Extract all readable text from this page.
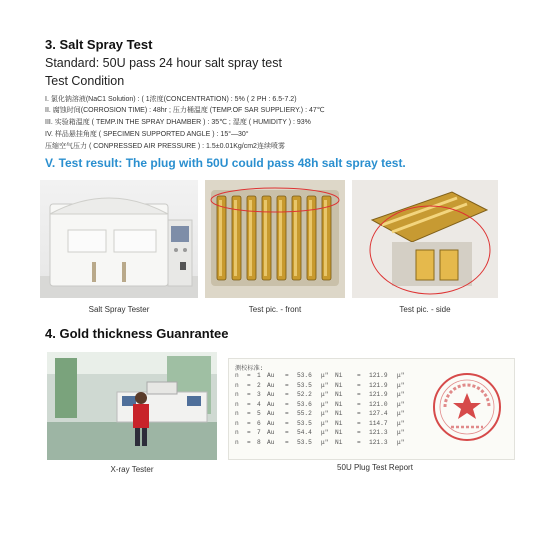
3. Salt Spray Test
Standard: 50U pass 24 hour salt spray test
Test Condition
I. 氯化钠溶液(NaC1 Solution) : ( 1浓度(CONCENTRATION) : 5% ( 2 PH : 6.5-7.2)
II. 腐蚀时间(CORROSION TIME) : 48hr ; 压力桶温度 (TEMP.OF SAR SUPPLIERY.) : 47℃
III. 实验箱温度 ( TEMP.IN THE SPRAY DHAMBER ) : 35℃ ; 湿度 ( HUMIDITY ) : 93%
IV. 样品悬挂角度 ( SPECIMEN SUPPORTED ANGLE ) : 15°—30°
压缩空气压力 ( CONPRESSED AIR PRESSURE ) : 1.5±0.01Kg/cm2连续喷雾
V. Test result: The plug with 50U could pass 48h salt spray test.
Salt Spray Tester	Test pic. - front	Test pic. - side
4. Gold thickness Guanrantee
测校标准:
n = 1 Au = 53.6 μ" Ni = 121.9 μ"
n = 2 Au = 53.5 μ" Ni = 121.9 μ"
n = 3 Au = 52.2 μ" Ni = 121.9 μ"
n = 4 Au = 53.6 μ" Ni = 121.0 μ"
n = 5 Au = 55.2 μ" Ni = 127.4 μ"
n = 6 Au = 53.5 μ" Ni = 114.7 μ"
n = 7 Au = 54.4 μ" Ni = 121.3 μ"
n = 8 Au = 53.5 μ" Ni = 121.3 μ"
X-ray Tester	50U Plug Test Report
